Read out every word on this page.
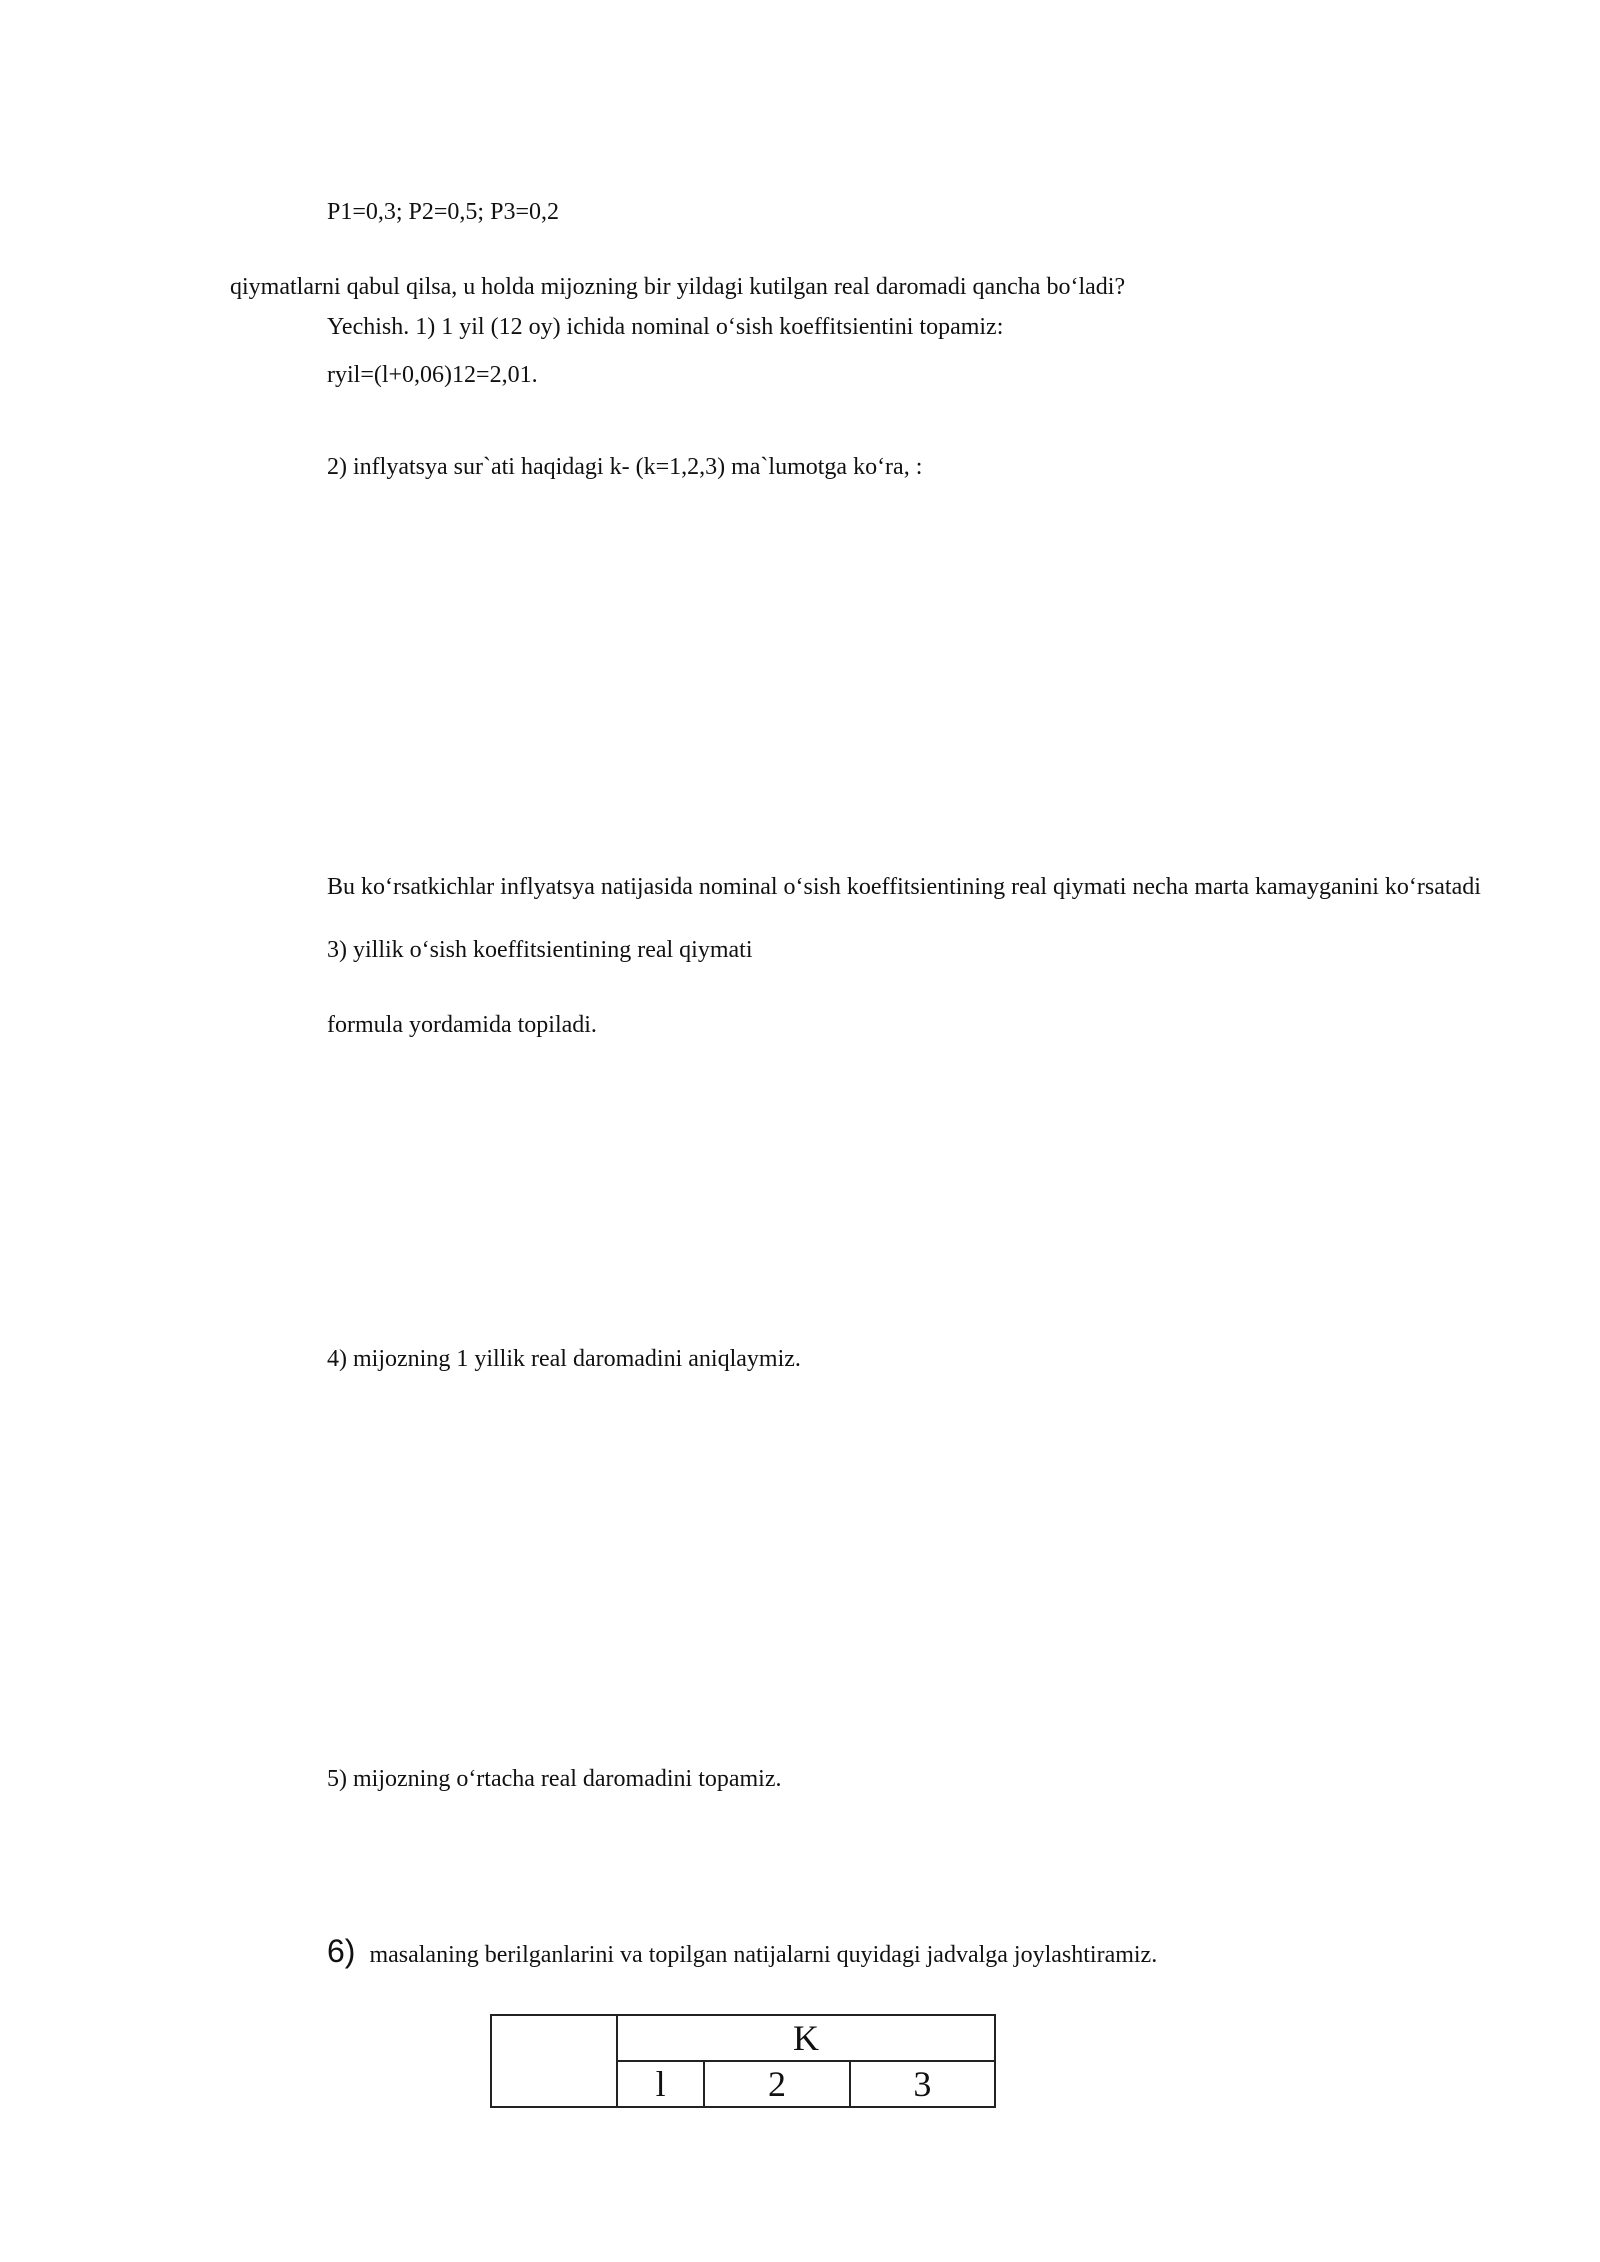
P1=0,3; P2=0,5; P3=0,2
qiymatlarni qabul qilsa, u holda mijozning bir yildagi kutilgan real daromadi qancha bo‘ladi?
Yechish. 1) 1 yil (12 oy) ichida nominal o‘sish koeffitsientini topamiz:
ryil=(l+0,06)12=2,01.
2) inflyatsya sur`ati haqidagi k- (k=1,2,3) ma`lumotga ko‘ra, :
Bu ko‘rsatkichlar inflyatsya natijasida nominal o‘sish koeffitsientining real qiymati necha marta kamayganini ko‘rsatadi
3) yillik o‘sish koeffitsientining real qiymati
formula yordamida topiladi.
4) mijozning 1 yillik real daromadini aniqlaymiz.
5) mijozning o‘rtacha real daromadini topamiz.
6) masalaning berilganlarini va topilgan natijalarni quyidagi jadvalga joylashtiramiz.
	K		
	l	2	3
